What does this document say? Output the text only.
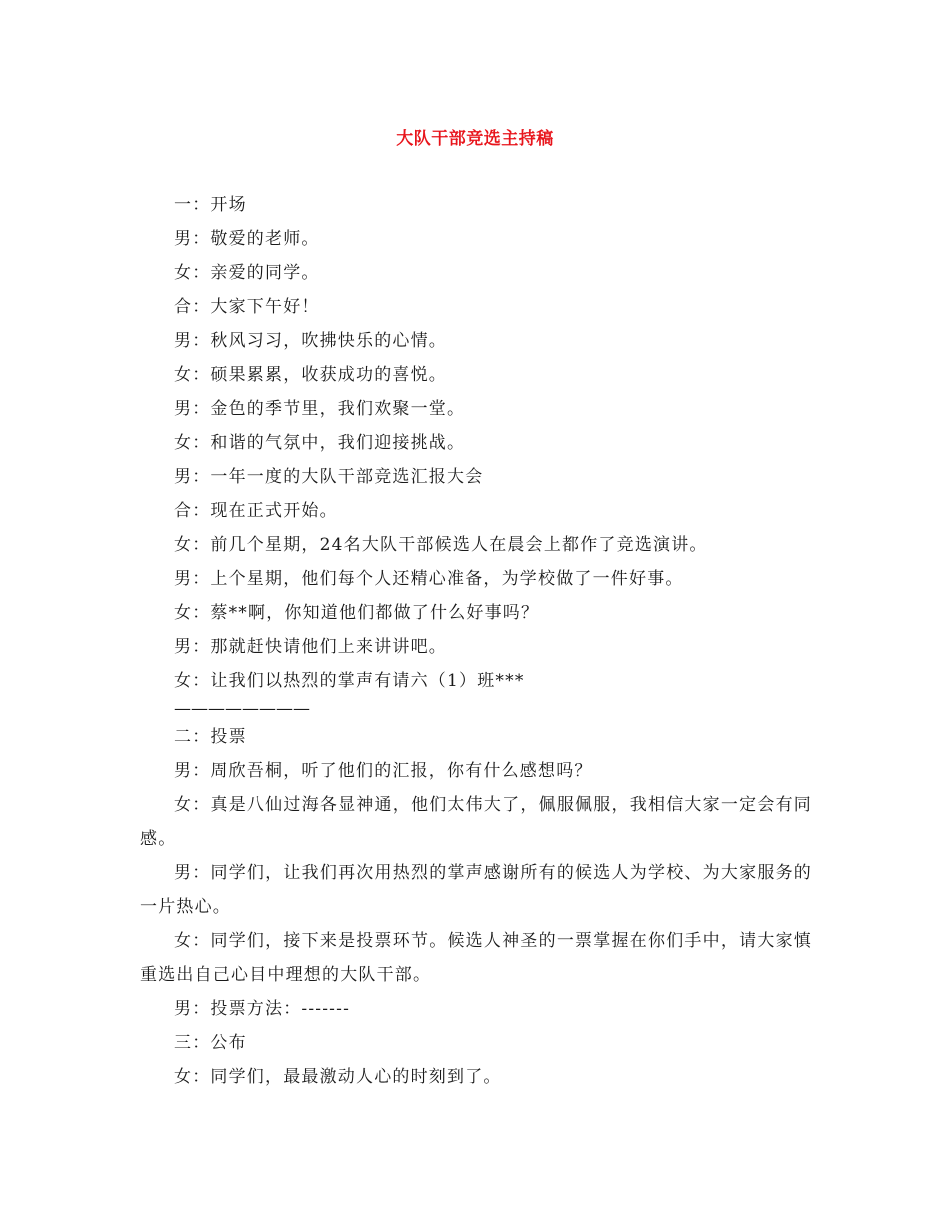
大队干部竞选主持稿

一：开场

男：敬爱的老师。

女：亲爱的同学。

合：大家下午好！

男：秋风习习，吹拂快乐的心情。

女：硕果累累，收获成功的喜悦。

男：金色的季节里，我们欢聚一堂。

女：和谐的气氛中，我们迎接挑战。

男：一年一度的大队干部竞选汇报大会

合：现在正式开始。

女：前几个星期，24名大队干部候选人在晨会上都作了竞选演讲。

男：上个星期，他们每个人还精心准备，为学校做了一件好事。

女：蔡**啊，你知道他们都做了什么好事吗？

男：那就赶快请他们上来讲讲吧。

女：让我们以热烈的掌声有请六（1）班***

————————

二：投票

男：周欣吾桐，听了他们的汇报，你有什么感想吗？

女：真是八仙过海各显神通，他们太伟大了，佩服佩服，我相信大家一定会有同感。

男：同学们，让我们再次用热烈的掌声感谢所有的候选人为学校、为大家服务的一片热心。

女：同学们，接下来是投票环节。候选人神圣的一票掌握在你们手中，请大家慎重选出自己心目中理想的大队干部。

男：投票方法：-------

三：公布

女：同学们，最最激动人心的时刻到了。
